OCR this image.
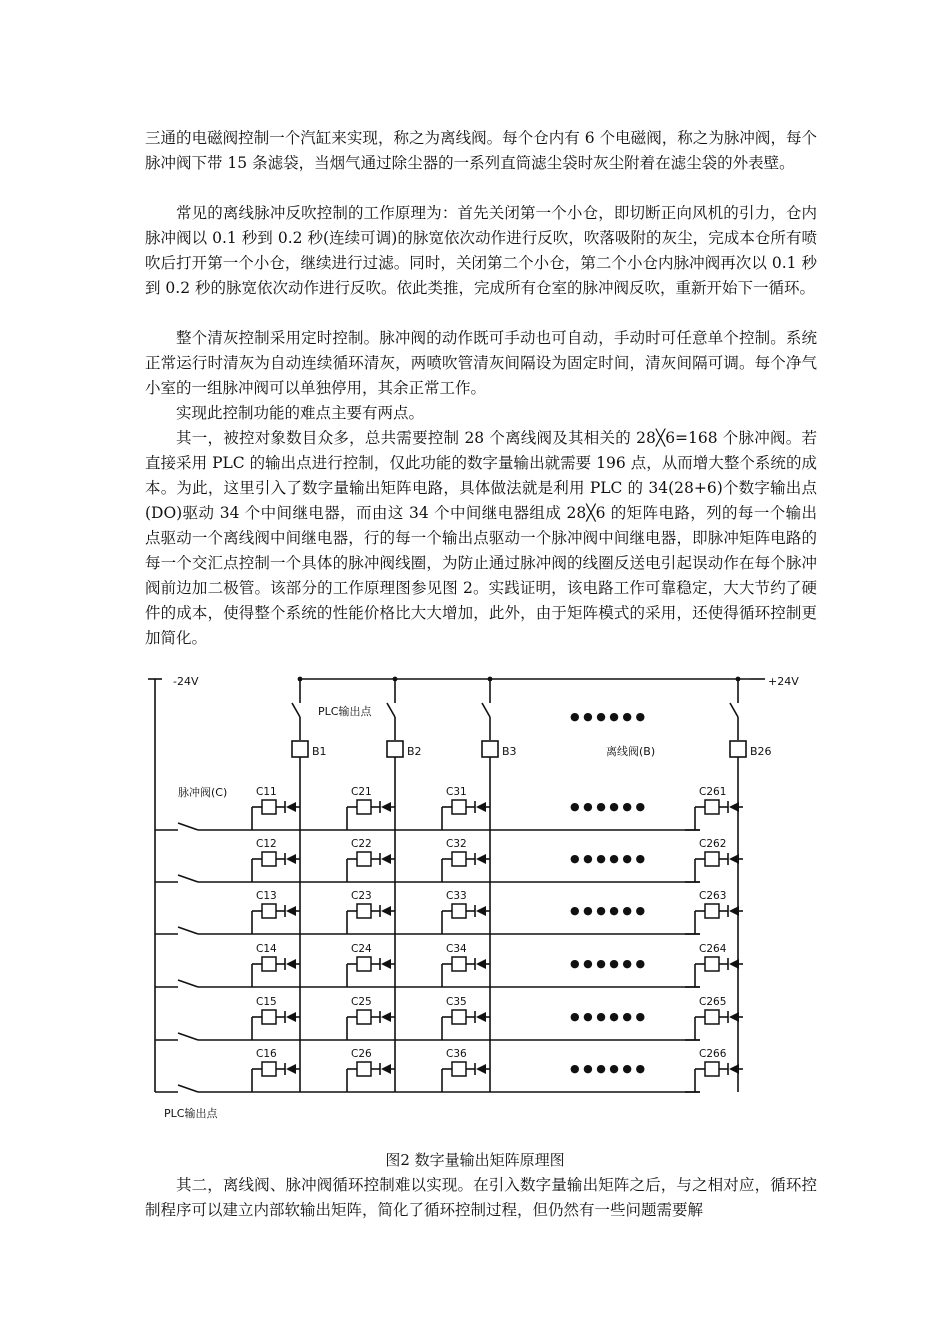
三通的电磁阀控制一个汽缸来实现，称之为离线阀。每个仓内有 6 个电磁阀，称之为脉冲阀，每个脉冲阀下带 15 条滤袋，当烟气通过除尘器的一系列直筒滤尘袋时灰尘附着在滤尘袋的外表壁。

常见的离线脉冲反吹控制的工作原理为：首先关闭第一个小仓，即切断正向风机的引力，仓内脉冲阀以 0.1 秒到 0.2 秒(连续可调)的脉宽依次动作进行反吹，吹落吸附的灰尘，完成本仓所有喷吹后打开第一个小仓，继续进行过滤。同时，关闭第二个小仓，第二个小仓内脉冲阀再次以 0.1 秒到 0.2 秒的脉宽依次动作进行反吹。依此类推，完成所有仓室的脉冲阀反吹，重新开始下一循环。

整个清灰控制采用定时控制。脉冲阀的动作既可手动也可自动，手动时可任意单个控制。系统正常运行时清灰为自动连续循环清灰，两喷吹管清灰间隔设为固定时间，清灰间隔可调。每个净气小室的一组脉冲阀可以单独停用，其余正常工作。

实现此控制功能的难点主要有两点。

其一，被控对象数目众多，总共需要控制 28 个离线阀及其相关的 28╳6=168 个脉冲阀。若直接采用 PLC 的输出点进行控制，仅此功能的数字量输出就需要 196 点，从而增大整个系统的成本。为此，这里引入了数字量输出矩阵电路，具体做法就是利用 PLC 的 34(28+6)个数字输出点(DO)驱动 34 个中间继电器，而由这 34 个中间继电器组成 28╳6 的矩阵电路，列的每一个输出点驱动一个离线阀中间继电器，行的每一个输出点驱动一个脉冲阀中间继电器，即脉冲矩阵电路的每一个交汇点控制一个具体的脉冲阀线圈，为防止通过脉冲阀的线圈反送电引起误动作在每个脉冲阀前边加二极管。该部分的工作原理图参见图 2。实践证明，该电路工作可靠稳定，大大节约了硬件的成本，使得整个系统的性能价格比大大增加，此外，由于矩阵模式的采用，还使得循环控制更加简化。

-24V	+24V
B1	B2	B3	B26
PLC输出点
离线阀(B)
● ● ● ● ● ●
C11	C21	C31	C261
● ● ● ● ● ●
C12	C22	C32	C262
● ● ● ● ● ●
C13	C23	C33	C263
● ● ● ● ● ●
C14	C24	C34	C264
● ● ● ● ● ●
C15	C25	C35	C265
● ● ● ● ● ●
C16	C26	C36	C266
● ● ● ● ● ●
脉冲阀(C)
PLC输出点

图2 数字量输出矩阵原理图

其二，离线阀、脉冲阀循环控制难以实现。在引入数字量输出矩阵之后，与之相对应，循环控制程序可以建立内部软输出矩阵，简化了循环控制过程，但仍然有一些问题需要解
